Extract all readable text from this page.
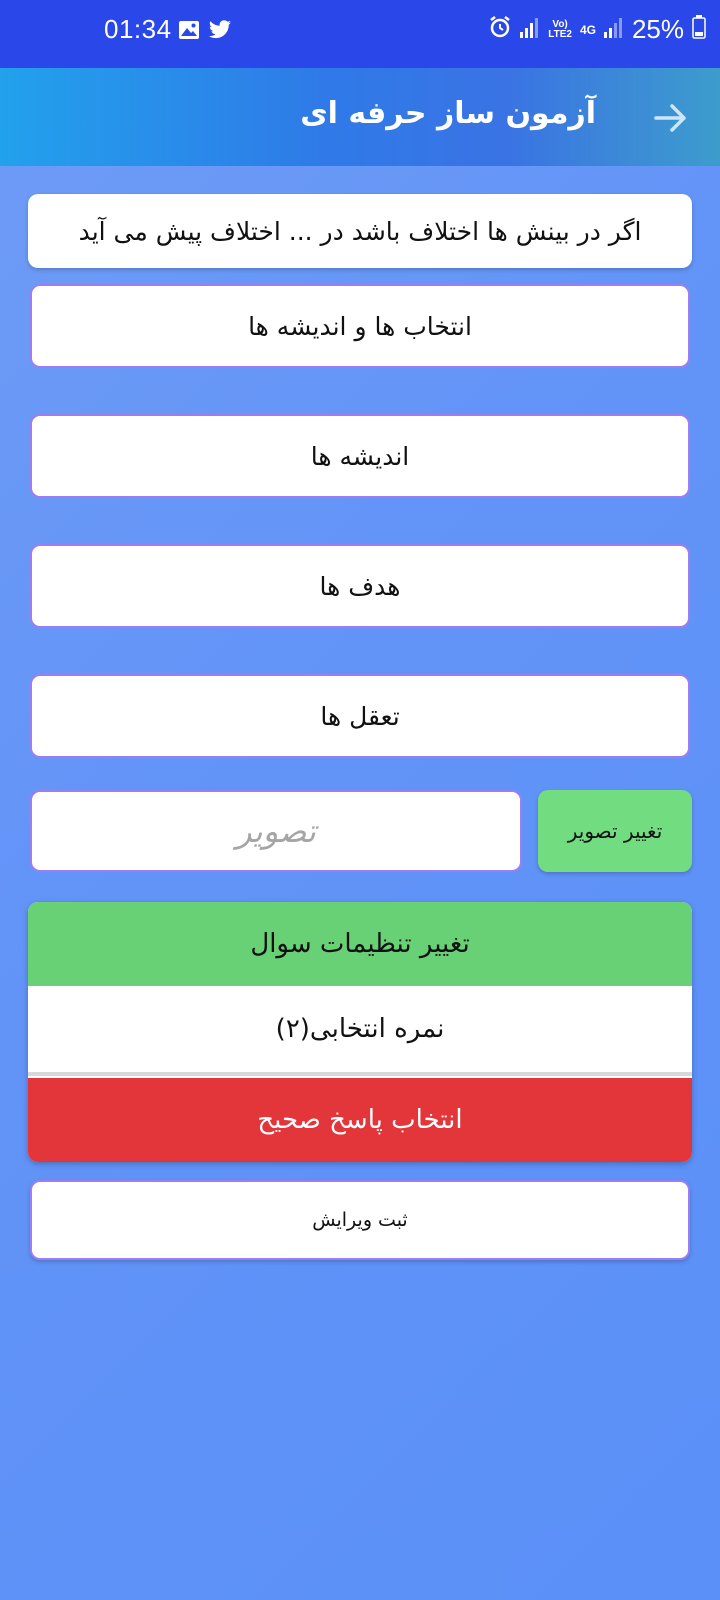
01:34	Vo)
LTE2 4G 25%
آزمون ساز حرفه ای
اگر در بینش ها اختلاف باشد در ... اختلاف پیش می آید
انتخاب ها و اندیشه ها
اندیشه ها
هدف ها
تعقل ها
تصویر	تغییر تصویر
تغییر تنظیمات سوال
نمره انتخابی(۲)
انتخاب پاسخ صحیح
ثبت ویرایش
